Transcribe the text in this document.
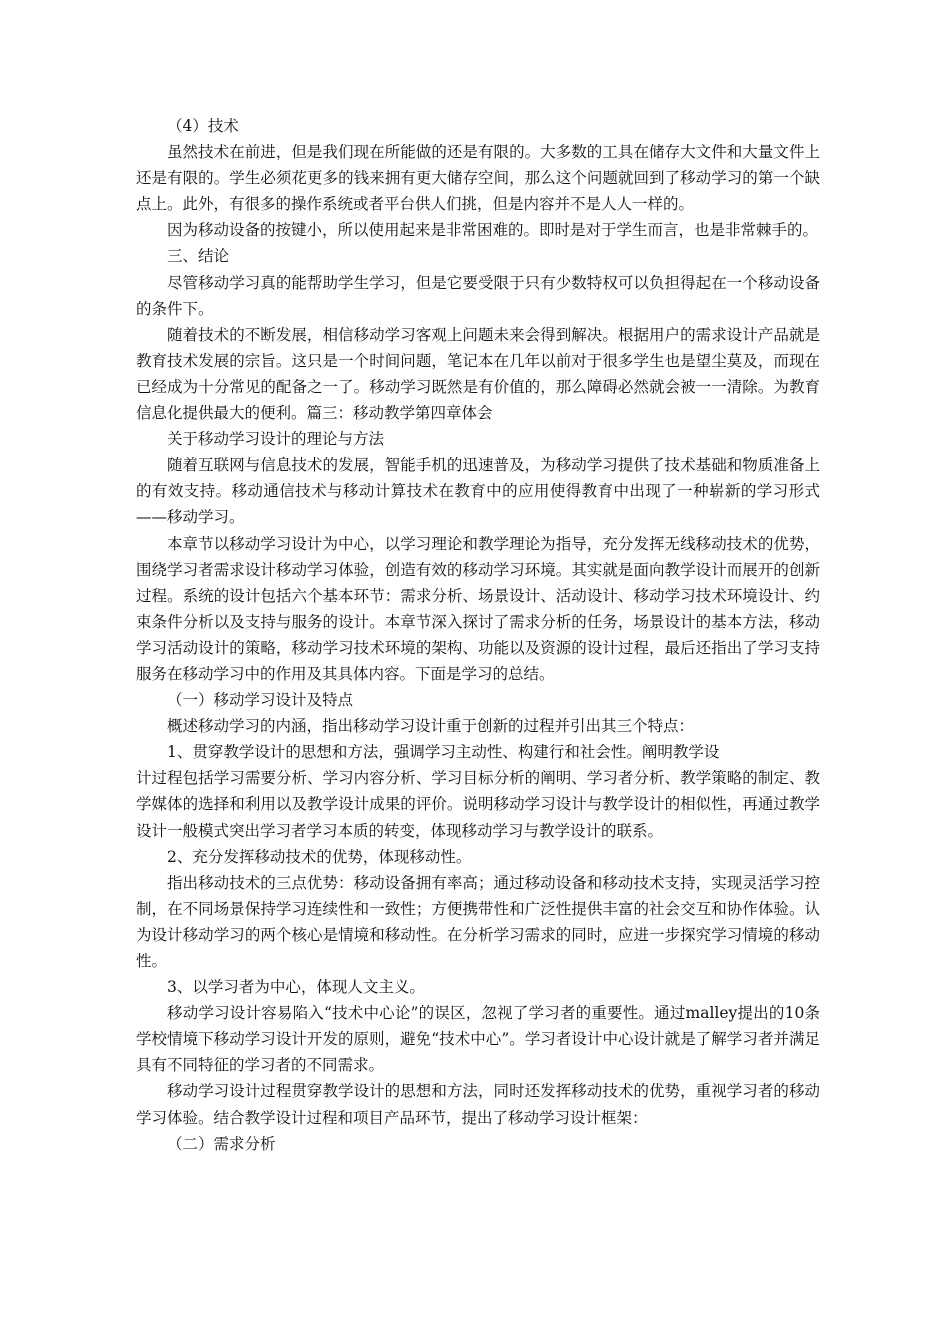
（4）技术

虽然技术在前进，但是我们现在所能做的还是有限的。大多数的工具在储存大文件和大量文件上还是有限的。学生必须花更多的钱来拥有更大储存空间，那么这个问题就回到了移动学习的第一个缺点上。此外，有很多的操作系统或者平台供人们挑，但是内容并不是人人一样的。

因为移动设备的按键小，所以使用起来是非常困难的。即时是对于学生而言，也是非常棘手的。

三、结论

尽管移动学习真的能帮助学生学习，但是它要受限于只有少数特权可以负担得起在一个移动设备的条件下。

随着技术的不断发展，相信移动学习客观上问题未来会得到解决。根据用户的需求设计产品就是教育技术发展的宗旨。这只是一个时间问题，笔记本在几年以前对于很多学生也是望尘莫及，而现在已经成为十分常见的配备之一了。移动学习既然是有价值的，那么障碍必然就会被一一清除。为教育信息化提供最大的便利。篇三：移动教学第四章体会

关于移动学习设计的理论与方法

随着互联网与信息技术的发展，智能手机的迅速普及，为移动学习提供了技术基础和物质准备上的有效支持。移动通信技术与移动计算技术在教育中的应用使得教育中出现了一种崭新的学习形式——移动学习。

本章节以移动学习设计为中心，以学习理论和教学理论为指导，充分发挥无线移动技术的优势，围绕学习者需求设计移动学习体验，创造有效的移动学习环境。其实就是面向教学设计而展开的创新过程。系统的设计包括六个基本环节：需求分析、场景设计、活动设计、移动学习技术环境设计、约束条件分析以及支持与服务的设计。本章节深入探讨了需求分析的任务，场景设计的基本方法，移动学习活动设计的策略，移动学习技术环境的架构、功能以及资源的设计过程，最后还指出了学习支持服务在移动学习中的作用及其具体内容。下面是学习的总结。

（一）移动学习设计及特点

概述移动学习的内涵，指出移动学习设计重于创新的过程并引出其三个特点：

1、贯穿教学设计的思想和方法，强调学习主动性、构建行和社会性。阐明教学设

计过程包括学习需要分析、学习内容分析、学习目标分析的阐明、学习者分析、教学策略的制定、教学媒体的选择和利用以及教学设计成果的评价。说明移动学习设计与教学设计的相似性，再通过教学设计一般模式突出学习者学习本质的转变，体现移动学习与教学设计的联系。

2、充分发挥移动技术的优势，体现移动性。

指出移动技术的三点优势：移动设备拥有率高；通过移动设备和移动技术支持，实现灵活学习控制，在不同场景保持学习连续性和一致性；方便携带性和广泛性提供丰富的社会交互和协作体验。认为设计移动学习的两个核心是情境和移动性。在分析学习需求的同时，应进一步探究学习情境的移动性。

3、以学习者为中心，体现人文主义。

移动学习设计容易陷入“技术中心论”的误区，忽视了学习者的重要性。通过malley提出的10条学校情境下移动学习设计开发的原则，避免“技术中心”。学习者设计中心设计就是了解学习者并满足具有不同特征的学习者的不同需求。

移动学习设计过程贯穿教学设计的思想和方法，同时还发挥移动技术的优势，重视学习者的移动学习体验。结合教学设计过程和项目产品环节，提出了移动学习设计框架：

（二）需求分析
